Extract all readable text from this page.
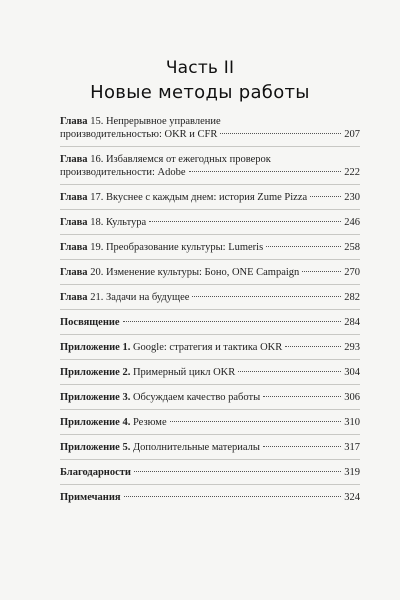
Часть II
Новые методы работы
Глава 15. Непрерывное управление
производительностью: OKR и CFR	207
Глава 16. Избавляемся от ежегодных проверок
производительности: Adobe	222
Глава 17. Вкуснее с каждым днем: история Zume Pizza	230
Глава 18. Культура	246
Глава 19. Преобразование культуры: Lumeris	258
Глава 20. Изменение культуры: Боно, ONE Campaign	270
Глава 21. Задачи на будущее	282
Посвящение	284
Приложение 1. Google: стратегия и тактика OKR	293
Приложение 2. Примерный цикл OKR	304
Приложение 3. Обсуждаем качество работы	306
Приложение 4. Резюме	310
Приложение 5. Дополнительные материалы	317
Благодарности	319
Примечания	324
